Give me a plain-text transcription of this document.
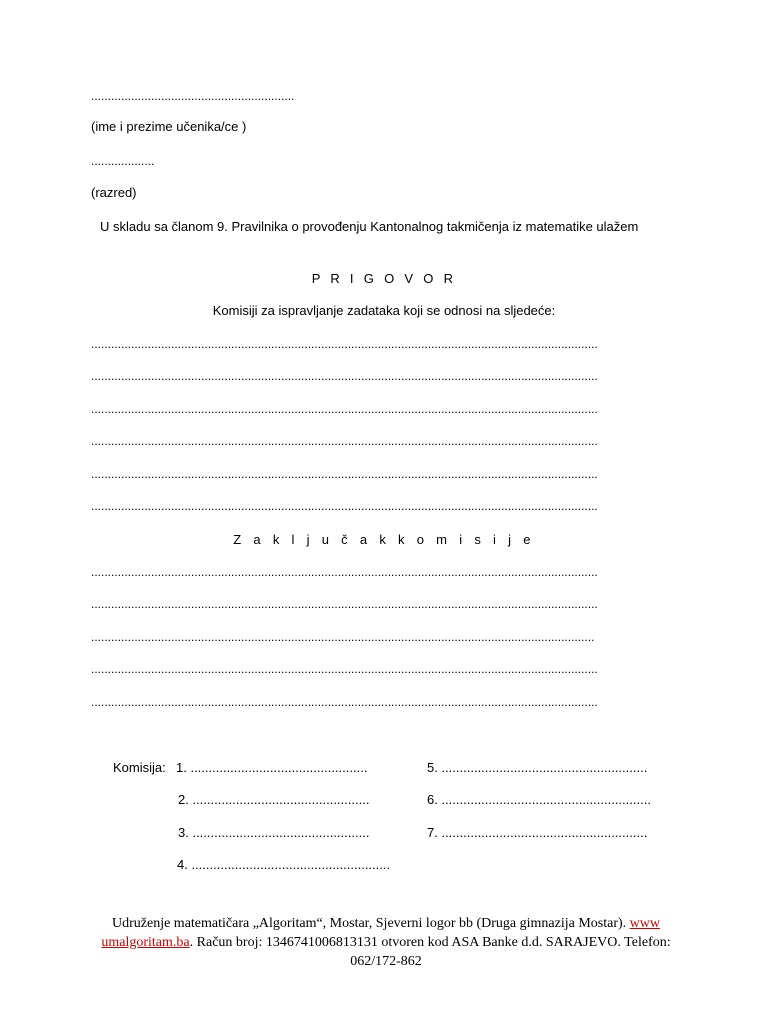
.............................................................
(ime i prezime učenika/ce )
...................
(razred)
U skladu sa članom 9. Pravilnika o provođenju Kantonalnog takmičenja iz matematike ulažem
P R I G O V O R
Komisiji za ispravljanje zadataka koji se odnosi na sljedeće:
........................................................................................................................................................
........................................................................................................................................................
........................................................................................................................................................
........................................................................................................................................................
........................................................................................................................................................
........................................................................................................................................................
Z a k l j u č a k k o m i s i j e
........................................................................................................................................................
........................................................................................................................................................
.......................................................................................................................................................
........................................................................................................................................................
........................................................................................................................................................
Komisija: 1. .................................................
2. .................................................
3. .................................................
4. .......................................................
5. .........................................................
6. ..........................................................
7. .........................................................
Udruženje matematičara „Algoritam“, Mostar, Sjeverni logor bb (Druga gimnazija Mostar). www umalgoritam.ba. Račun broj: 1346741006813131 otvoren kod ASA Banke d.d. SARAJEVO. Telefon: 062/172-862
